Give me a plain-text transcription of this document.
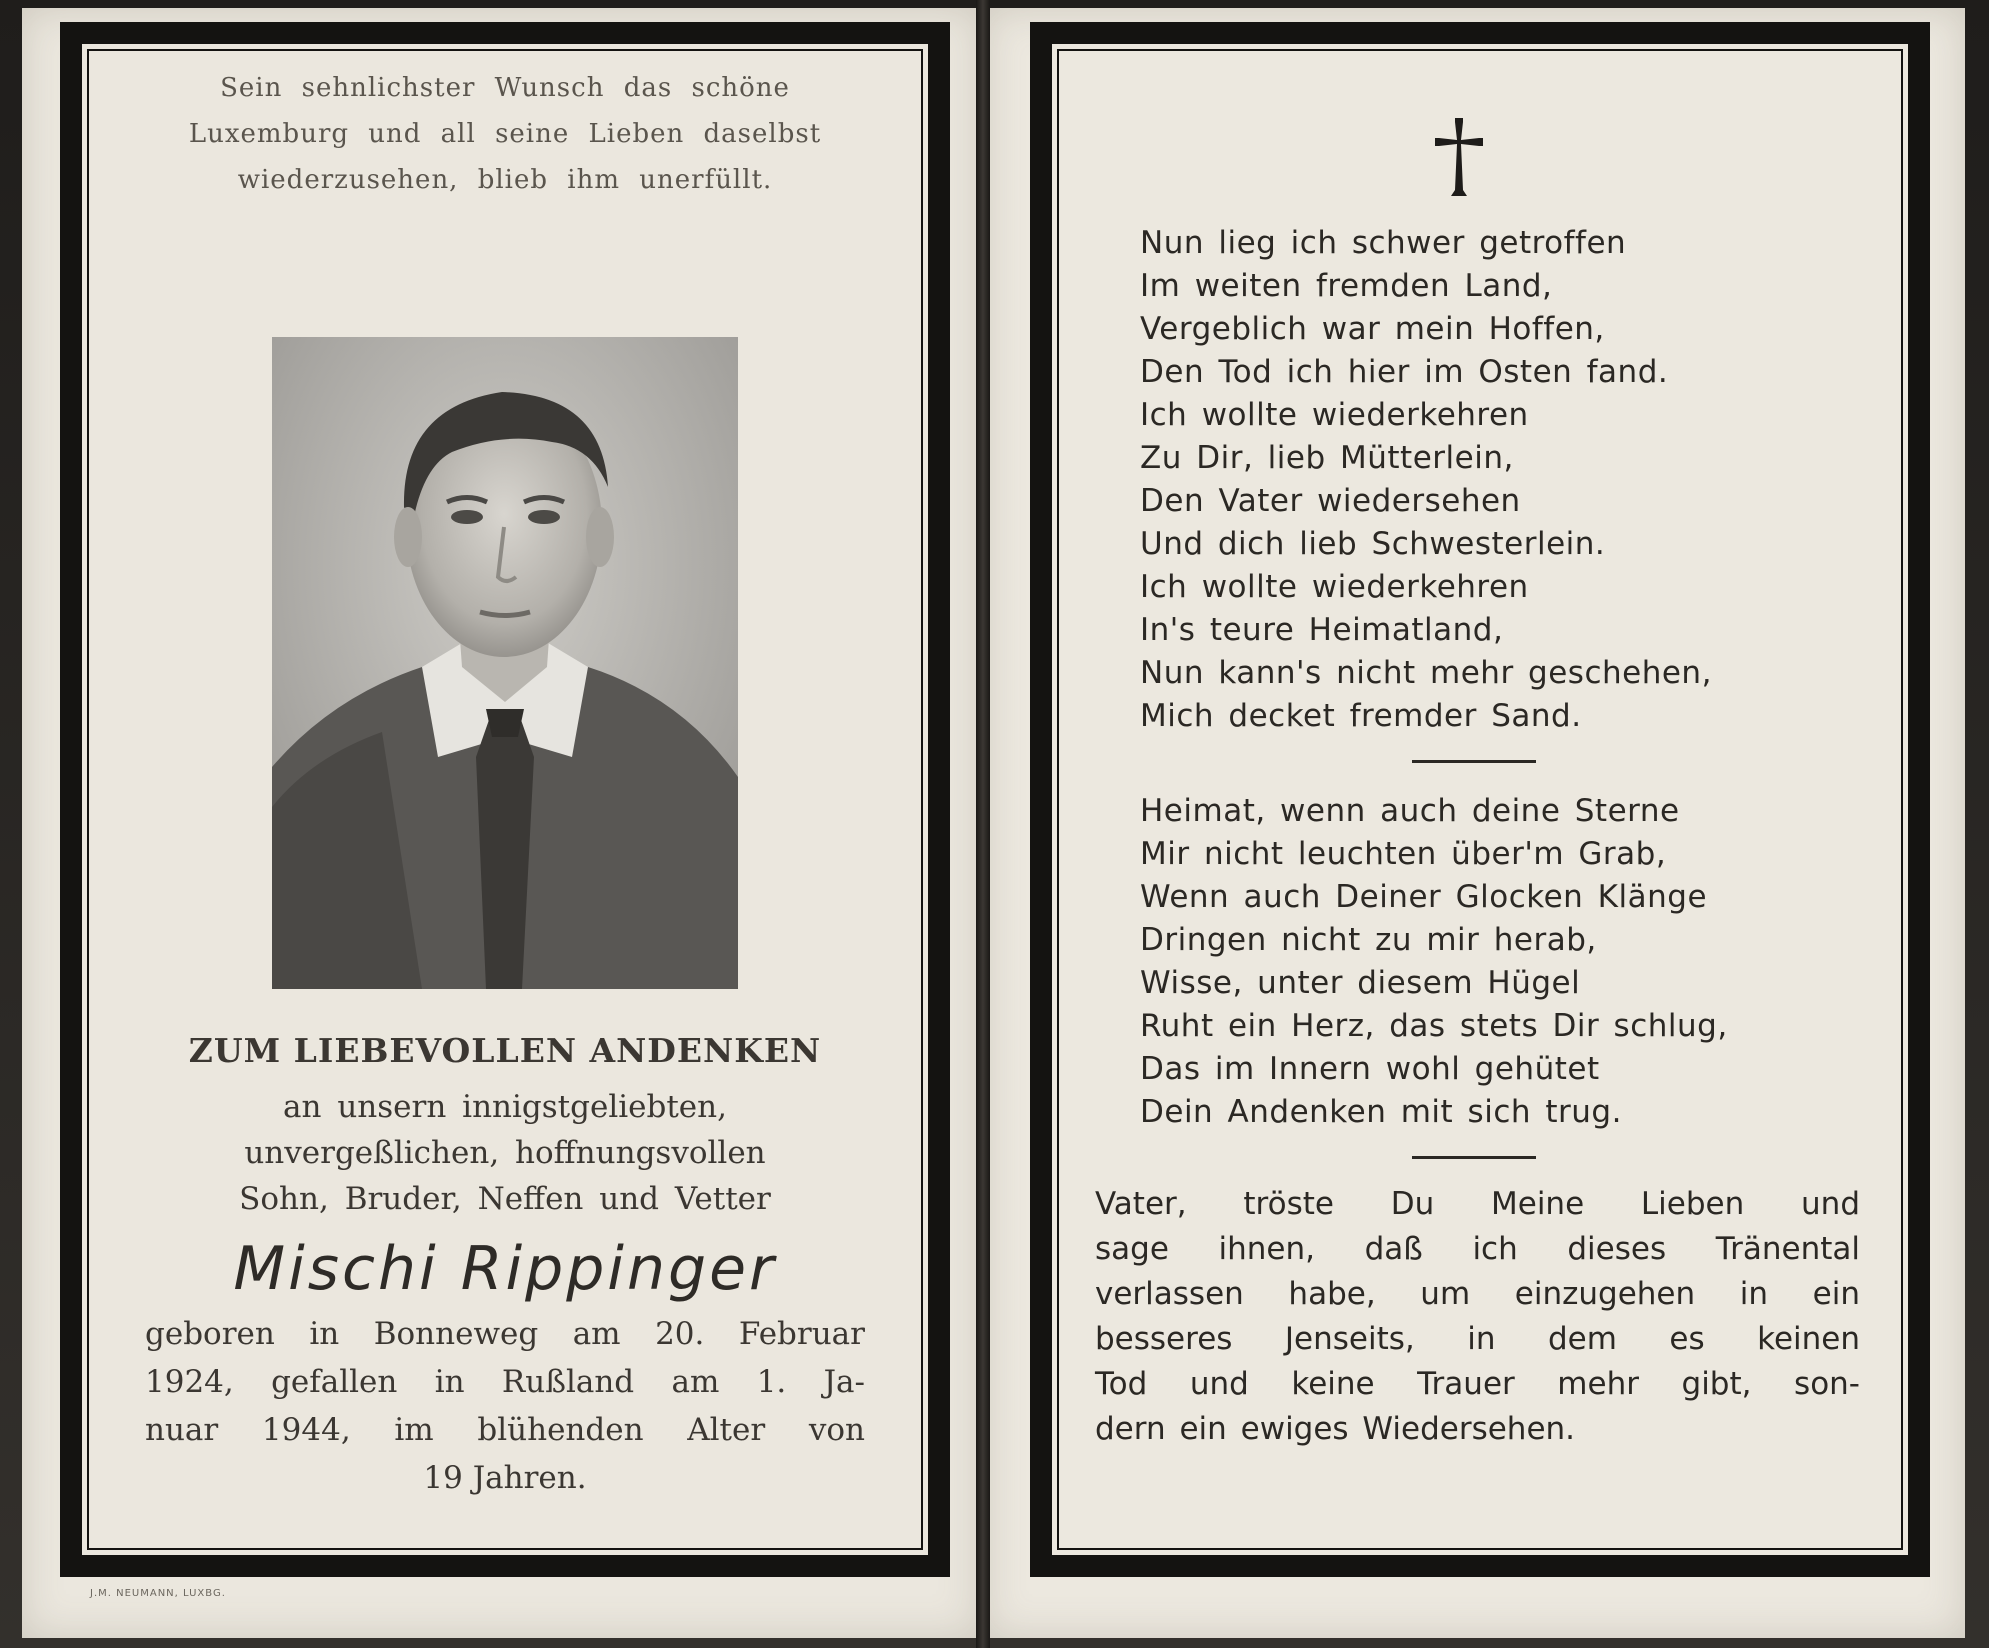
Sein sehnlichster Wunsch das schöne
Luxemburg und all seine Lieben daselbst
wiederzusehen, blieb ihm unerfüllt.
ZUM LIEBEVOLLEN ANDENKEN
an unsern innigstgeliebten,
unvergeßlichen, hoffnungsvollen
Sohn, Bruder, Neffen und Vetter
Mischi Rippinger
geboren in Bonneweg am 20. Februar
1924, gefallen in Rußland am 1. Ja-
nuar 1944, im blühenden Alter von
19 Jahren.
J.M. NEUMANN, LUXBG.
Nun lieg ich schwer getroffen
Im weiten fremden Land,
Vergeblich war mein Hoffen,
Den Tod ich hier im Osten fand.
Ich wollte wiederkehren
Zu Dir, lieb Mütterlein,
Den Vater wiedersehen
Und dich lieb Schwesterlein.
Ich wollte wiederkehren
In's teure Heimatland,
Nun kann's nicht mehr geschehen,
Mich decket fremder Sand.
Heimat, wenn auch deine Sterne
Mir nicht leuchten über'm Grab,
Wenn auch Deiner Glocken Klänge
Dringen nicht zu mir herab,
Wisse, unter diesem Hügel
Ruht ein Herz, das stets Dir schlug,
Das im Innern wohl gehütet
Dein Andenken mit sich trug.
Vater, tröste Du Meine Lieben und
sage ihnen, daß ich dieses Tränental
verlassen habe, um einzugehen in ein
besseres Jenseits, in dem es keinen
Tod und keine Trauer mehr gibt, son-
dern ein ewiges Wiedersehen.
